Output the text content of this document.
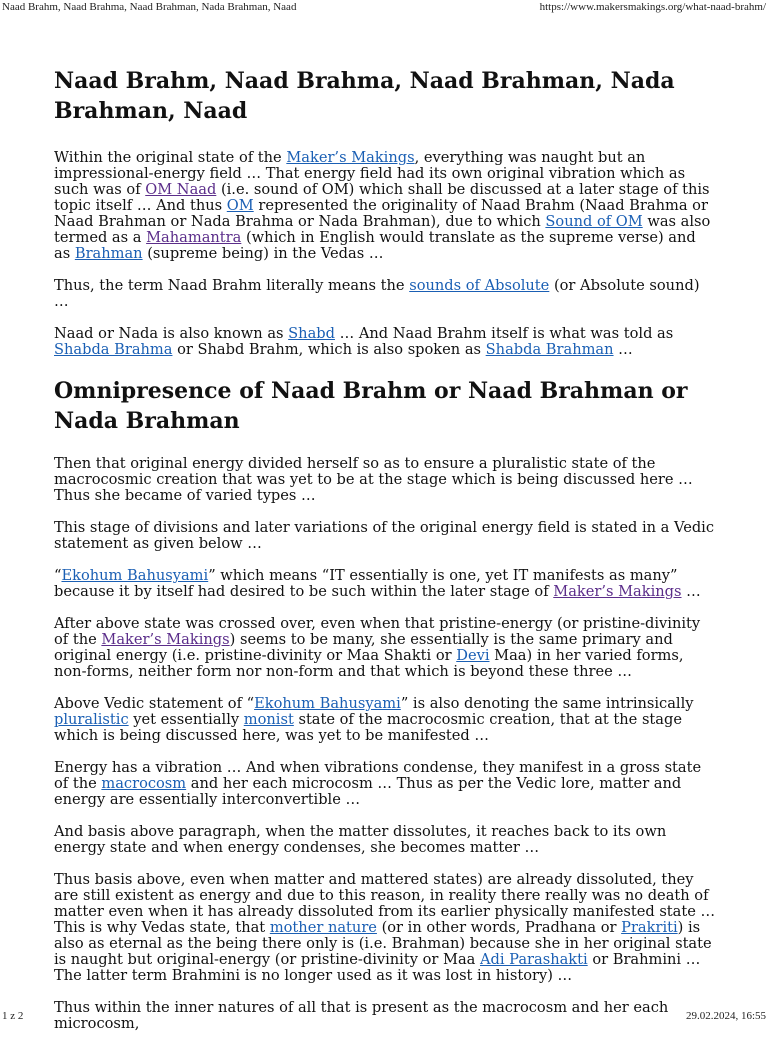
Naad Brahm, Naad Brahma, Naad Brahman, Nada Brahman, Naad	https://www.makersmakings.org/what-naad-brahm/
Naad Brahm, Naad Brahma, Naad Brahman, Nada Brahman, Naad

Within the original state of the Maker’s Makings, everything was naught but an impressional-energy field … That energy field had its own original vibration which as such was of OM Naad (i.e. sound of OM) which shall be discussed at a later stage of this topic itself … And thus OM represented the originality of Naad Brahm (Naad Brahma or Naad Brahman or Nada Brahma or Nada Brahman), due to which Sound of OM was also termed as a Mahamantra (which in English would translate as the supreme verse) and as Brahman (supreme being) in the Vedas …

Thus, the term Naad Brahm literally means the sounds of Absolute (or Absolute sound) …

Naad or Nada is also known as Shabd … And Naad Brahm itself is what was told as Shabda Brahma or Shabd Brahm, which is also spoken as Shabda Brahman …

Omnipresence of Naad Brahm or Naad Brahman or Nada Brahman

Then that original energy divided herself so as to ensure a pluralistic state of the macrocosmic creation that was yet to be at the stage which is being discussed here … Thus she became of varied types …

This stage of divisions and later variations of the original energy field is stated in a Vedic statement as given below …

“Ekohum Bahusyami” which means “IT essentially is one, yet IT manifests as many” because it by itself had desired to be such within the later stage of Maker’s Makings …

After above state was crossed over, even when that pristine-energy (or pristine-divinity of the Maker’s Makings) seems to be many, she essentially is the same primary and original energy (i.e. pristine-divinity or Maa Shakti or Devi Maa) in her varied forms, non-forms, neither form nor non-form and that which is beyond these three …

Above Vedic statement of “Ekohum Bahusyami” is also denoting the same intrinsically pluralistic yet essentially monist state of the macrocosmic creation, that at the stage which is being discussed here, was yet to be manifested …

Energy has a vibration … And when vibrations condense, they manifest in a gross state of the macrocosm and her each microcosm … Thus as per the Vedic lore, matter and energy are essentially interconvertible …

And basis above paragraph, when the matter dissolutes, it reaches back to its own energy state and when energy condenses, she becomes matter …

Thus basis above, even when matter and mattered states) are already dissoluted, they are still existent as energy and due to this reason, in reality there really was no death of matter even when it has already dissoluted from its earlier physically manifested state … This is why Vedas state, that mother nature (or in other words, Pradhana or Prakriti) is also as eternal as the being there only is (i.e. Brahman) because she in her original state is naught but original-energy (or pristine-divinity or Maa Adi Parashakti or Brahmini … The latter term Brahmini is no longer used as it was lost in history) …

Thus within the inner natures of all that is present as the macrocosm and her each microcosm,

1 z 2	29.02.2024, 16:55
